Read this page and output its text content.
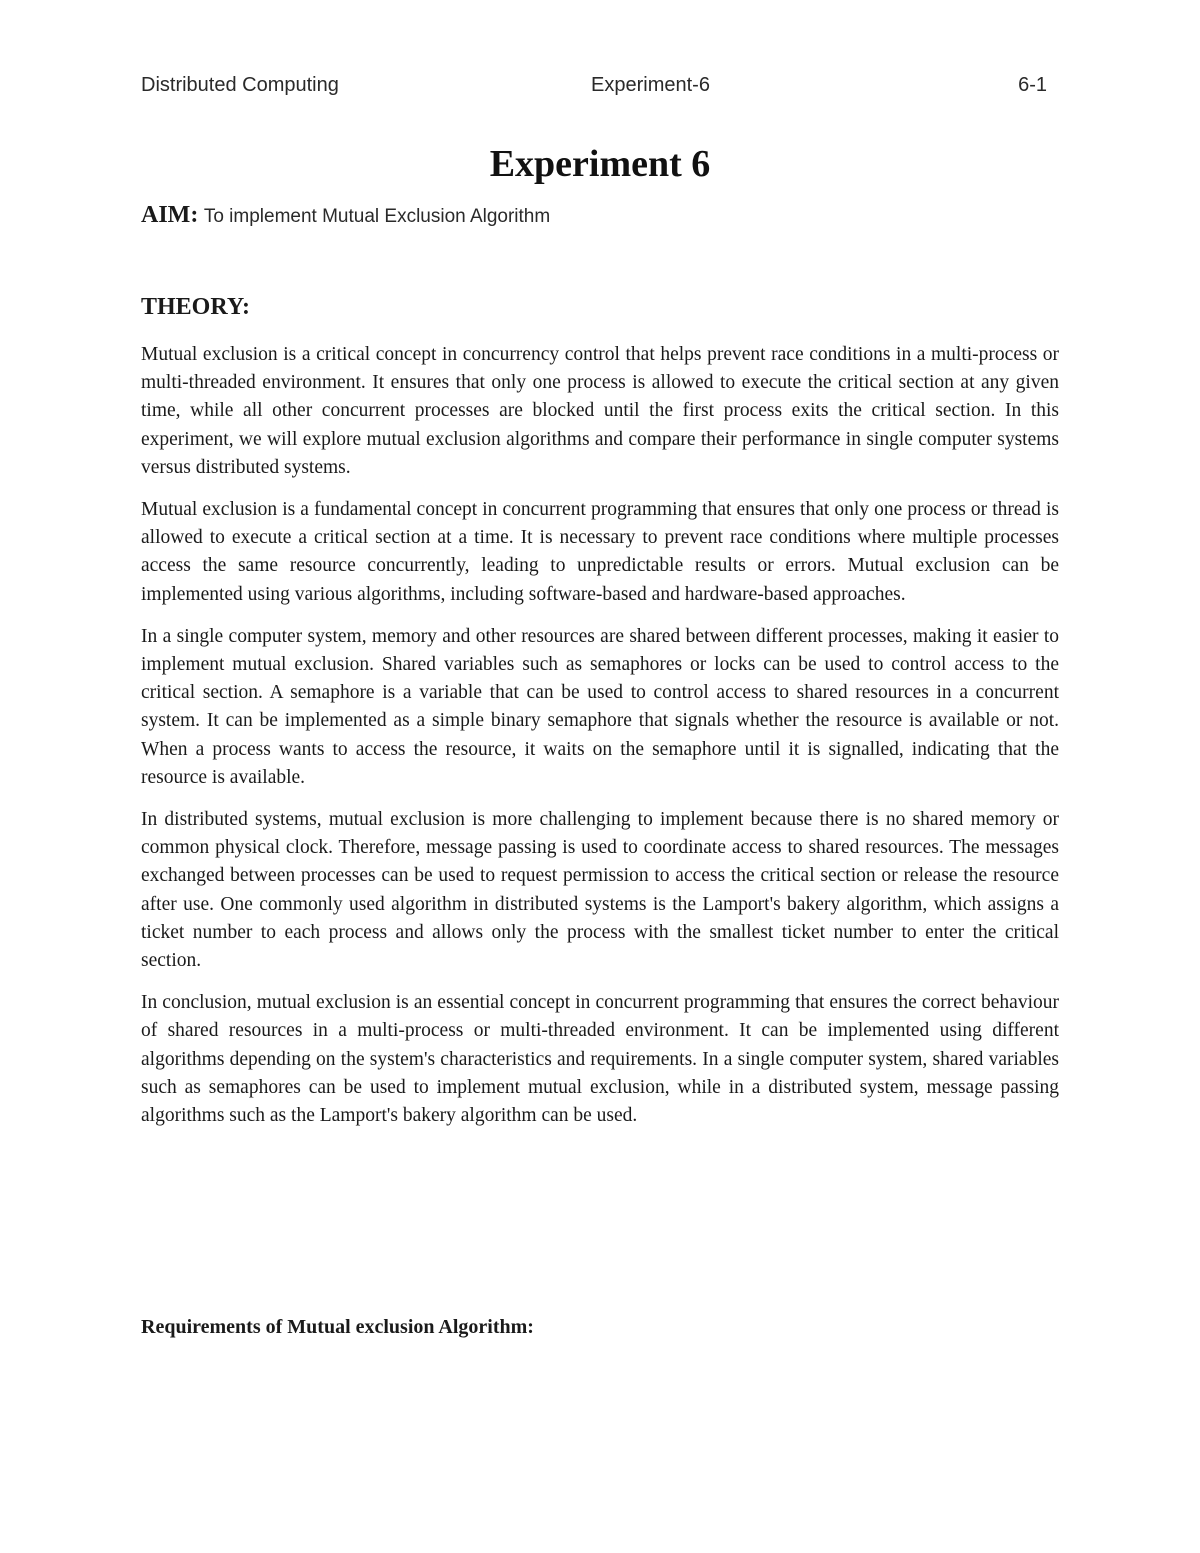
Distributed Computing	Experiment-6	6-1
Experiment 6

AIM: To implement Mutual Exclusion Algorithm

THEORY:

Mutual exclusion is a critical concept in concurrency control that helps prevent race conditions in a multi-process or multi-threaded environment. It ensures that only one process is allowed to execute the critical section at any given time, while all other concurrent processes are blocked until the first process exits the critical section. In this experiment, we will explore mutual exclusion algorithms and compare their performance in single computer systems versus distributed systems.

Mutual exclusion is a fundamental concept in concurrent programming that ensures that only one process or thread is allowed to execute a critical section at a time. It is necessary to prevent race conditions where multiple processes access the same resource concurrently, leading to unpredictable results or errors. Mutual exclusion can be implemented using various algorithms, including software-based and hardware-based approaches.

In a single computer system, memory and other resources are shared between different processes, making it easier to implement mutual exclusion. Shared variables such as semaphores or locks can be used to control access to the critical section. A semaphore is a variable that can be used to control access to shared resources in a concurrent system. It can be implemented as a simple binary semaphore that signals whether the resource is available or not. When a process wants to access the resource, it waits on the semaphore until it is signalled, indicating that the resource is available.

In distributed systems, mutual exclusion is more challenging to implement because there is no shared memory or common physical clock. Therefore, message passing is used to coordinate access to shared resources. The messages exchanged between processes can be used to request permission to access the critical section or release the resource after use. One commonly used algorithm in distributed systems is the Lamport's bakery algorithm, which assigns a ticket number to each process and allows only the process with the smallest ticket number to enter the critical section.

In conclusion, mutual exclusion is an essential concept in concurrent programming that ensures the correct behaviour of shared resources in a multi-process or multi-threaded environment. It can be implemented using different algorithms depending on the system's characteristics and requirements. In a single computer system, shared variables such as semaphores can be used to implement mutual exclusion, while in a distributed system, message passing algorithms such as the Lamport's bakery algorithm can be used.

Requirements of Mutual exclusion Algorithm:
